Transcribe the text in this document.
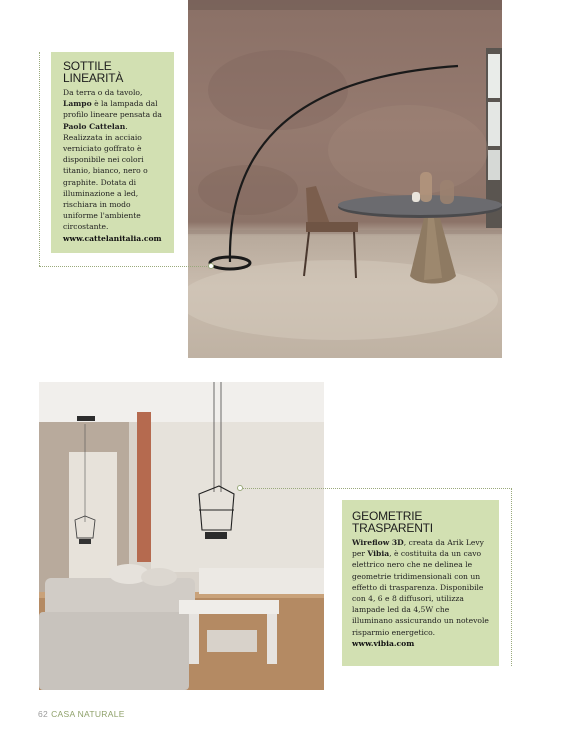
SOTTILE LINEARITÀ

Da terra o da tavolo, Lampo è la lampada dal profilo lineare pensata da Paolo Cattelan. Realizzata in acciaio verniciato goffrato è disponibile nei colori titanio, bianco, nero o graphite. Dotata di illuminazione a led, rischiara in modo uniforme l'ambiente circostante.

www.cattelanitalia.com
GEOMETRIE
TRASPARENTI

Wireflow 3D, creata da Arik Levy per Vibia, è costituita da un cavo elettrico nero che ne delinea le geometrie tridimensionali con un effetto di trasparenza. Disponibile con 4, 6 e 8 diffusori, utilizza lampade led da 4,5W che illuminano assicurando un notevole risparmio energetico.

www.vibia.com
62 CASA NATURALE
